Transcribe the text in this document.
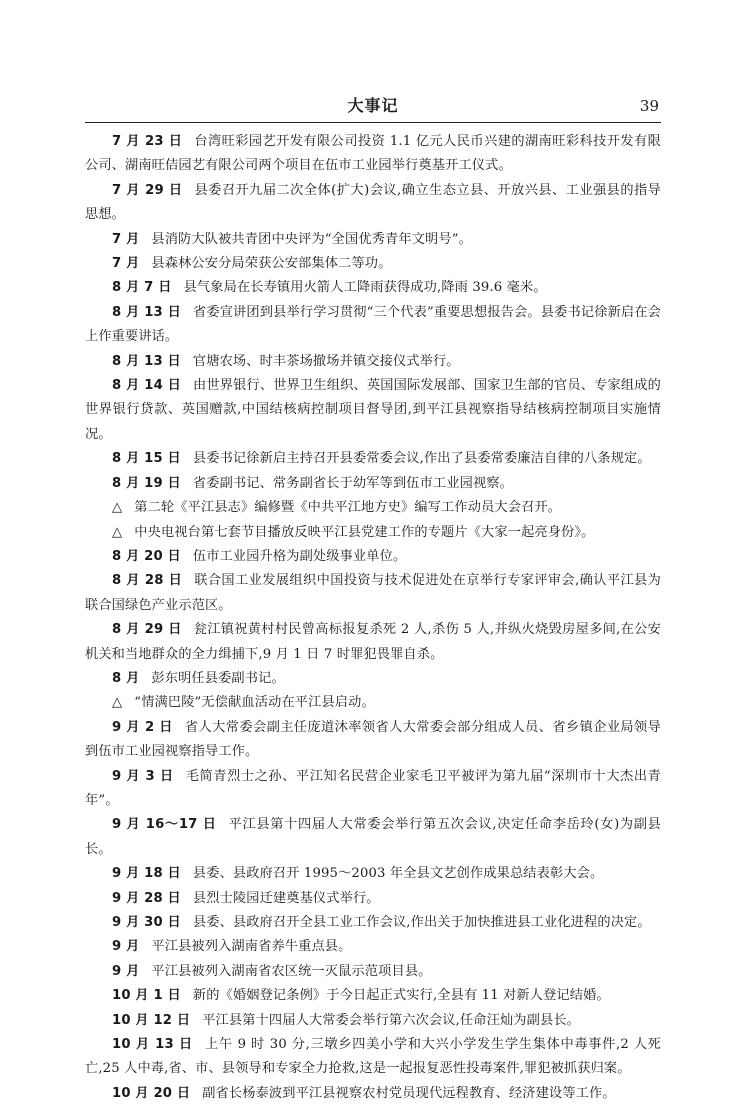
大事记	39

7 月 23 日 台湾旺彩园艺开发有限公司投资 1.1 亿元人民币兴建的湖南旺彩科技开发有限公司、湖南旺佶园艺有限公司两个项目在伍市工业园举行奠基开工仪式。

7 月 29 日 县委召开九届二次全体(扩大)会议,确立生态立县、开放兴县、工业强县的指导思想。

7 月 县消防大队被共青团中央评为“全国优秀青年文明号”。

7 月 县森林公安分局荣获公安部集体二等功。

8 月 7 日 县气象局在长寿镇用火箭人工降雨获得成功,降雨 39.6 毫米。

8 月 13 日 省委宣讲团到县举行学习贯彻“三个代表”重要思想报告会。县委书记徐新启在会上作重要讲话。

8 月 13 日 官塘农场、时丰茶场撤场并镇交接仪式举行。

8 月 14 日 由世界银行、世界卫生组织、英国国际发展部、国家卫生部的官员、专家组成的世界银行贷款、英国赠款,中国结核病控制项目督导团,到平江县视察指导结核病控制项目实施情况。

8 月 15 日 县委书记徐新启主持召开县委常委会议,作出了县委常委廉洁自律的八条规定。

8 月 19 日 省委副书记、常务副省长于幼军等到伍市工业园视察。

△ 第二轮《平江县志》编修暨《中共平江地方史》编写工作动员大会召开。

△ 中央电视台第七套节目播放反映平江县党建工作的专题片《大家一起亮身份》。

8 月 20 日 伍市工业园升格为副处级事业单位。

8 月 28 日 联合国工业发展组织中国投资与技术促进处在京举行专家评审会,确认平江县为联合国绿色产业示范区。

8 月 29 日 瓮江镇祝黄村村民曾高标报复杀死 2 人,杀伤 5 人,并纵火烧毁房屋多间,在公安机关和当地群众的全力缉捕下,9 月 1 日 7 时罪犯畏罪自杀。

8 月 彭东明任县委副书记。

△ “情满巴陵”无偿献血活动在平江县启动。

9 月 2 日 省人大常委会副主任庞道沐率领省人大常委会部分组成人员、省乡镇企业局领导到伍市工业园视察指导工作。

9 月 3 日 毛简青烈士之孙、平江知名民营企业家毛卫平被评为第九届“深圳市十大杰出青年”。

9 月 16～17 日 平江县第十四届人大常委会举行第五次会议,决定任命李岳玲(女)为副县长。

9 月 18 日 县委、县政府召开 1995～2003 年全县文艺创作成果总结表彰大会。

9 月 28 日 县烈士陵园迁建奠基仪式举行。

9 月 30 日 县委、县政府召开全县工业工作会议,作出关于加快推进县工业化进程的决定。

9 月 平江县被列入湖南省养牛重点县。

9 月 平江县被列入湖南省农区统一灭鼠示范项目县。

10 月 1 日 新的《婚姻登记条例》于今日起正式实行,全县有 11 对新人登记结婚。

10 月 12 日 平江县第十四届人大常委会举行第六次会议,任命汪灿为副县长。

10 月 13 日 上午 9 时 30 分,三墩乡四美小学和大兴小学发生学生集体中毒事件,2 人死亡,25 人中毒,省、市、县领导和专家全力抢救,这是一起报复恶性投毒案件,罪犯被抓获归案。

10 月 20 日 副省长杨泰波到平江县视察农村党员现代远程教育、经济建设等工作。
